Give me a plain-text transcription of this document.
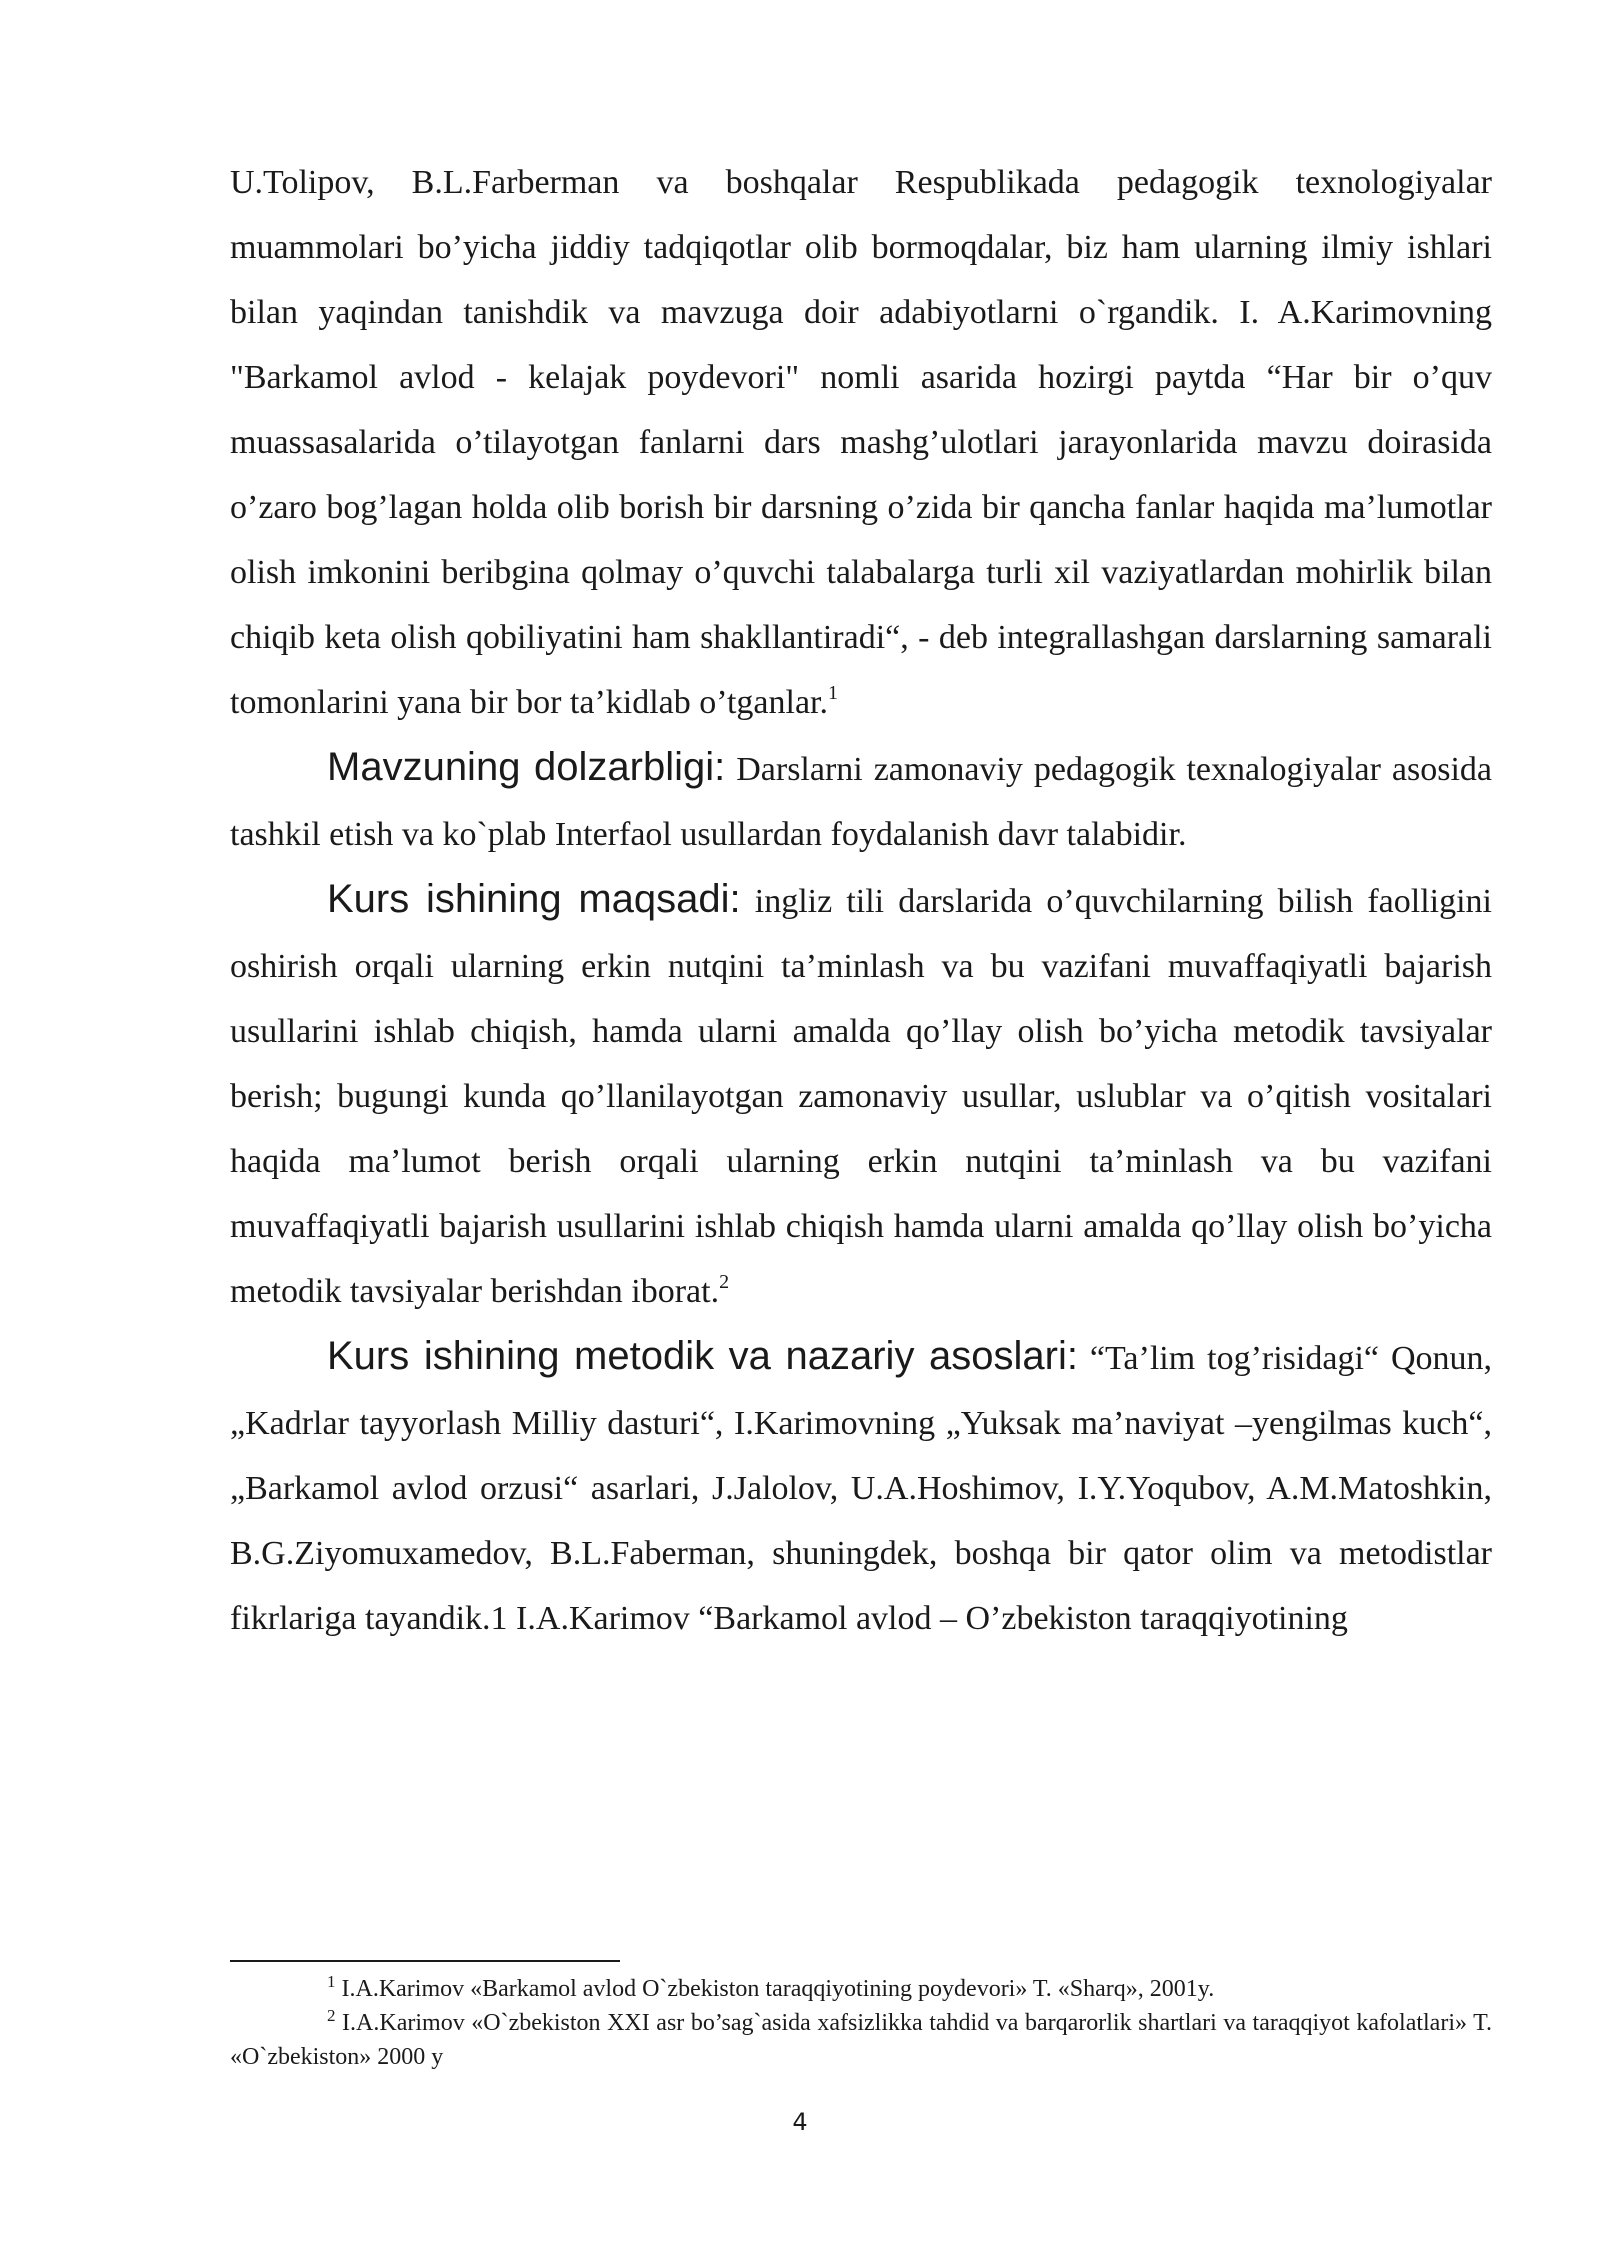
U.Tolipov, B.L.Farberman va boshqalar Respublikada pedagogik texnologiyalar muammolari bo’yicha jiddiy tadqiqotlar olib bormoqdalar, biz ham ularning ilmiy ishlari bilan yaqindan tanishdik va mavzuga doir adabiyotlarni o`rgandik. I. A.Karimovning "Barkamol avlod - kelajak poydevori" nomli asarida hozirgi paytda “Har bir o’quv muassasalarida o’tilayotgan fanlarni dars mashg’ulotlari jarayonlarida mavzu doirasida o’zaro bog’lagan holda olib borish bir darsning o’zida bir qancha fanlar haqida ma’lumotlar olish imkonini beribgina qolmay o’quvchi talabalarga turli xil vaziyatlardan mohirlik bilan chiqib keta olish qobiliyatini ham shakllantiradi“, - deb integrallashgan darslarning samarali tomonlarini yana bir bor ta’kidlab o’tganlar.$^1$

Mavzuning dolzarbligi: Darslarni zamonaviy pedagogik texnalogiyalar asosida tashkil etish va ko`plab Interfaol usullardan foydalanish davr talabidir.

Kurs ishining maqsadi: ingliz tili darslarida o’quvchilarning bilish faolligini oshirish orqali ularning erkin nutqini ta’minlash va bu vazifani muvaffaqiyatli bajarish usullarini ishlab chiqish, hamda ularni amalda qo’llay olish bo’yicha metodik tavsiyalar berish; bugungi kunda qo’llanilayotgan zamonaviy usullar, uslublar va o’qitish vositalari haqida ma’lumot berish orqali ularning erkin nutqini ta’minlash va bu vazifani muvaffaqiyatli bajarish usullarini ishlab chiqish hamda ularni amalda qo’llay olish bo’yicha metodik tavsiyalar berishdan iborat.$^2$

Kurs ishining metodik va nazariy asoslari: “Ta’lim tog’risidagi“ Qonun, „Kadrlar tayyorlash Milliy dasturi“, I.Karimovning „Yuksak ma’naviyat –yengilmas kuch“, „Barkamol avlod orzusi“ asarlari, J.Jalolov, U.A.Hoshimov, I.Y.Yoqubov, A.M.Matoshkin, B.G.Ziyomuxamedov, B.L.Faberman, shuningdek, boshqa bir qator olim va metodistlar fikrlariga tayandik.1 I.A.Karimov “Barkamol avlod – O’zbekiston taraqqiyotining

$^1$ I.A.Karimov «Barkamol avlod O`zbekiston taraqqiyotining poydevori» T. «Sharq», 2001y.

$^2$ I.A.Karimov «O`zbekiston XXI asr bo’sag`asida xafsizlikka tahdid va barqarorlik shartlari va taraqqiyot kafolatlari» T. «O`zbekiston» 2000 y

4
